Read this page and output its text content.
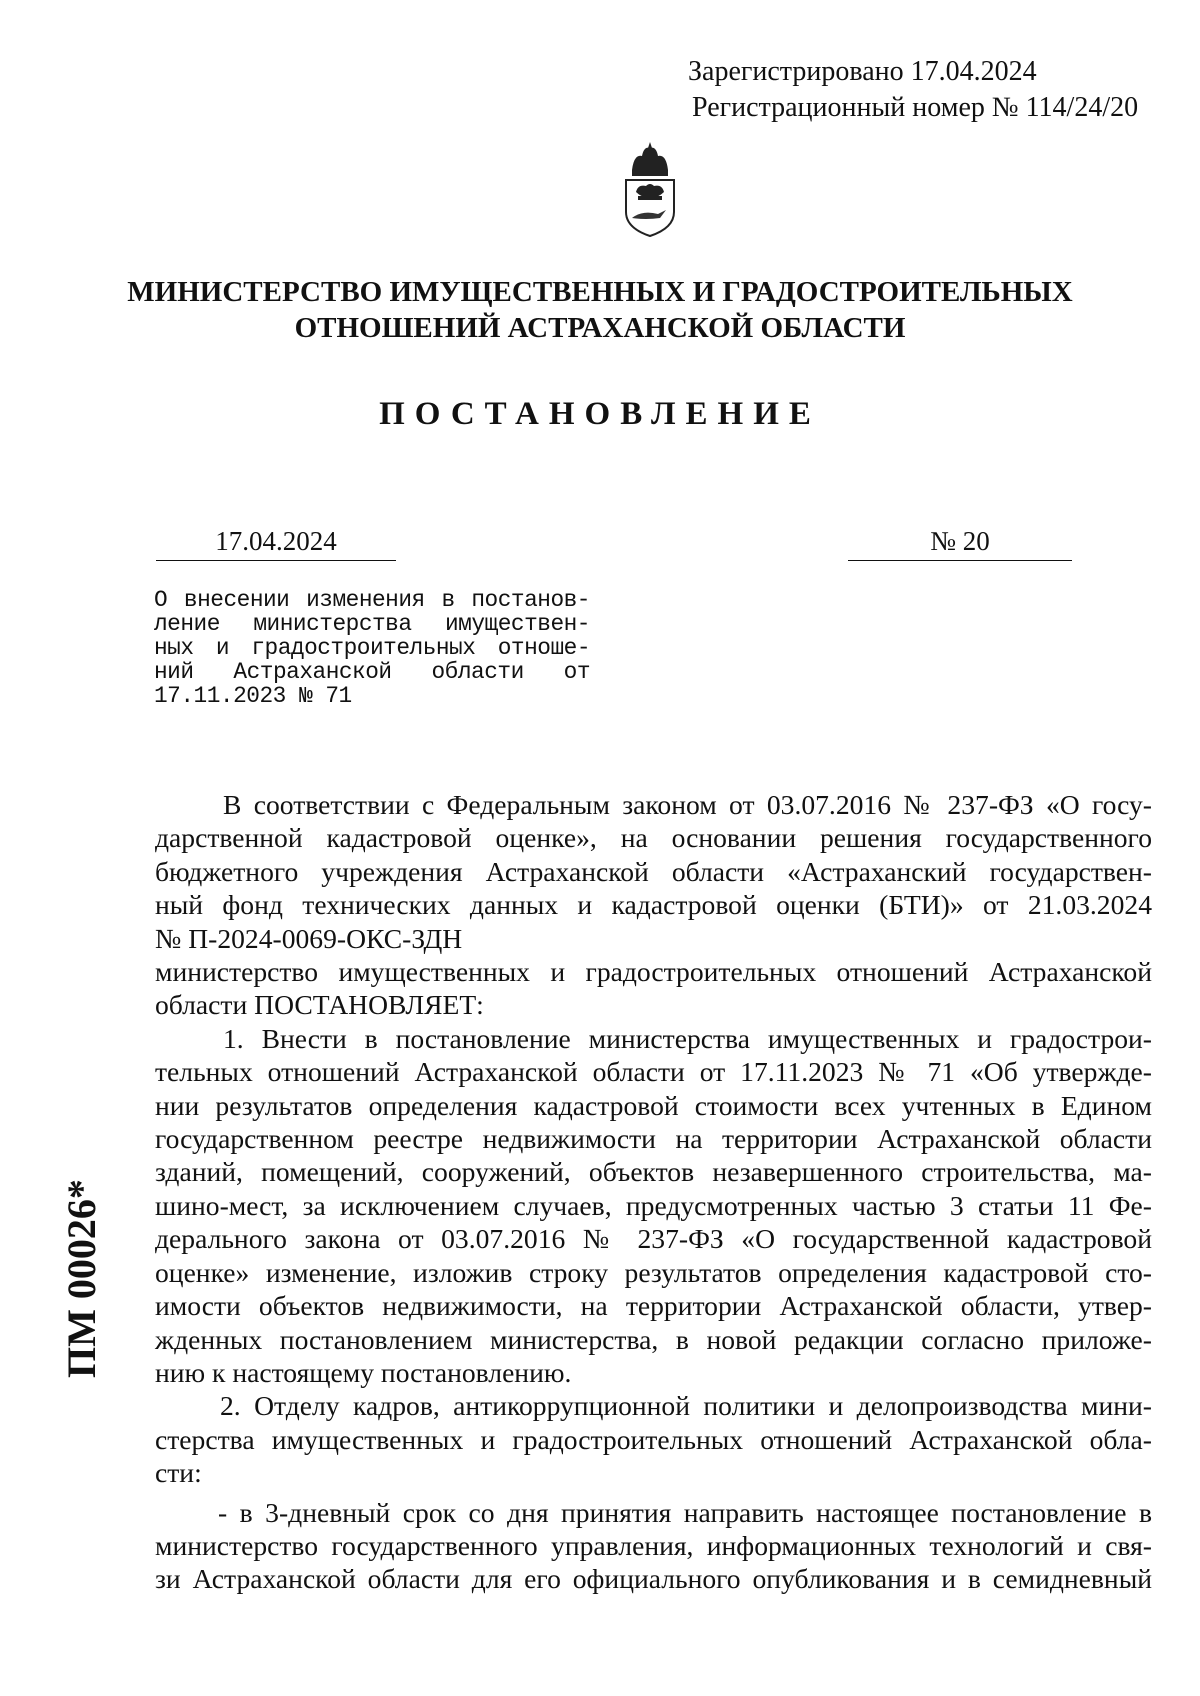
Зарегистрировано 17.04.2024
Регистрационный номер № 114/24/20
МИНИСТЕРСТВО ИМУЩЕСТВЕННЫХ И ГРАДОСТРОИТЕЛЬНЫХ
ОТНОШЕНИЙ АСТРАХАНСКОЙ ОБЛАСТИ
ПОСТАНОВЛЕНИЕ
17.04.2024	№ 20
О внесении изменения в постанов-
ление министерства имуществен-
ных и градостроительных отноше-
ний Астраханской области от
17.11.2023 № 71
В соответствии с Федеральным законом от 03.07.2016 № 237-ФЗ «О госу-
дарственной кадастровой оценке», на основании решения государственного
бюджетного учреждения Астраханской области «Астраханский государствен-
ный фонд технических данных и кадастровой оценки (БТИ)» от 21.03.2024
№ П-2024-0069-ОКС-ЗДН
министерство имущественных и градостроительных отношений Астраханской
области ПОСТАНОВЛЯЕТ:
1. Внести в постановление министерства имущественных и градострои-
тельных отношений Астраханской области от 17.11.2023 № 71 «Об утвержде-
нии результатов определения кадастровой стоимости всех учтенных в Едином
государственном реестре недвижимости на территории Астраханской области
зданий, помещений, сооружений, объектов незавершенного строительства, ма-
шино-мест, за исключением случаев, предусмотренных частью 3 статьи 11 Фе-
дерального закона от 03.07.2016 № 237-ФЗ «О государственной кадастровой
оценке» изменение, изложив строку результатов определения кадастровой сто-
имости объектов недвижимости, на территории Астраханской области, утвер-
жденных постановлением министерства, в новой редакции согласно приложе-
нию к настоящему постановлению.
2. Отделу кадров, антикоррупционной политики и делопроизводства мини-
стерства имущественных и градостроительных отношений Астраханской обла-
сти:
- в 3-дневный срок со дня принятия направить настоящее постановление в
министерство государственного управления, информационных технологий и свя-
зи Астраханской области для его официального опубликования и в семидневный
ПМ 00026*
